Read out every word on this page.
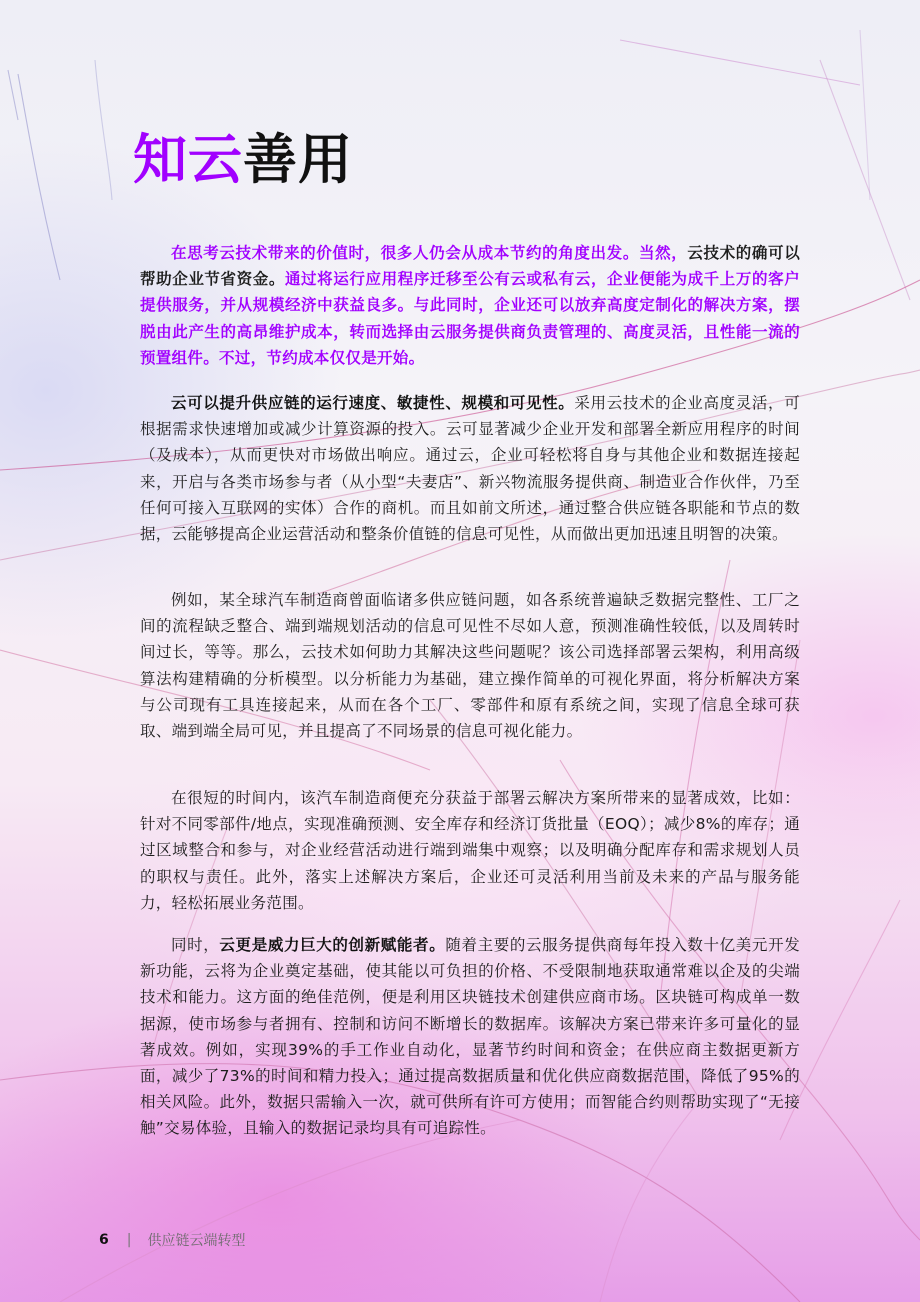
知云善用

在思考云技术带来的价值时，很多人仍会从成本节约的角度出发。当然，云技术的确可以帮助企业节省资金。通过将运行应用程序迁移至公有云或私有云，企业便能为成千上万的客户提供服务，并从规模经济中获益良多。与此同时，企业还可以放弃高度定制化的解决方案，摆脱由此产生的高昂维护成本，转而选择由云服务提供商负责管理的、高度灵活，且性能一流的预置组件。不过，节约成本仅仅是开始。

云可以提升供应链的运行速度、敏捷性、规模和可见性。采用云技术的企业高度灵活，可根据需求快速增加或减少计算资源的投入。云可显著减少企业开发和部署全新应用程序的时间（及成本），从而更快对市场做出响应。通过云，企业可轻松将自身与其他企业和数据连接起来，开启与各类市场参与者（从小型“夫妻店”、新兴物流服务提供商、制造业合作伙伴，乃至任何可接入互联网的实体）合作的商机。而且如前文所述，通过整合供应链各职能和节点的数据，云能够提高企业运营活动和整条价值链的信息可见性，从而做出更加迅速且明智的决策。

例如，某全球汽车制造商曾面临诸多供应链问题，如各系统普遍缺乏数据完整性、工厂之间的流程缺乏整合、端到端规划活动的信息可见性不尽如人意，预测准确性较低，以及周转时间过长，等等。那么，云技术如何助力其解决这些问题呢？该公司选择部署云架构，利用高级算法构建精确的分析模型。以分析能力为基础，建立操作简单的可视化界面，将分析解决方案与公司现有工具连接起来，从而在各个工厂、零部件和原有系统之间，实现了信息全球可获取、端到端全局可见，并且提高了不同场景的信息可视化能力。

在很短的时间内，该汽车制造商便充分获益于部署云解决方案所带来的显著成效，比如：针对不同零部件/地点，实现准确预测、安全库存和经济订货批量（EOQ）；减少8%的库存；通过区域整合和参与，对企业经营活动进行端到端集中观察；以及明确分配库存和需求规划人员的职权与责任。此外，落实上述解决方案后，企业还可灵活利用当前及未来的产品与服务能力，轻松拓展业务范围。

同时，云更是威力巨大的创新赋能者。随着主要的云服务提供商每年投入数十亿美元开发新功能，云将为企业奠定基础，使其能以可负担的价格、不受限制地获取通常难以企及的尖端技术和能力。这方面的绝佳范例，便是利用区块链技术创建供应商市场。区块链可构成单一数据源，使市场参与者拥有、控制和访问不断增长的数据库。该解决方案已带来许多可量化的显著成效。例如，实现39%的手工作业自动化，显著节约时间和资金；在供应商主数据更新方面，减少了73%的时间和精力投入；通过提高数据质量和优化供应商数据范围，降低了95%的相关风险。此外，数据只需输入一次，就可供所有许可方使用；而智能合约则帮助实现了“无接触”交易体验，且输入的数据记录均具有可追踪性。

6 | 供应链云端转型
